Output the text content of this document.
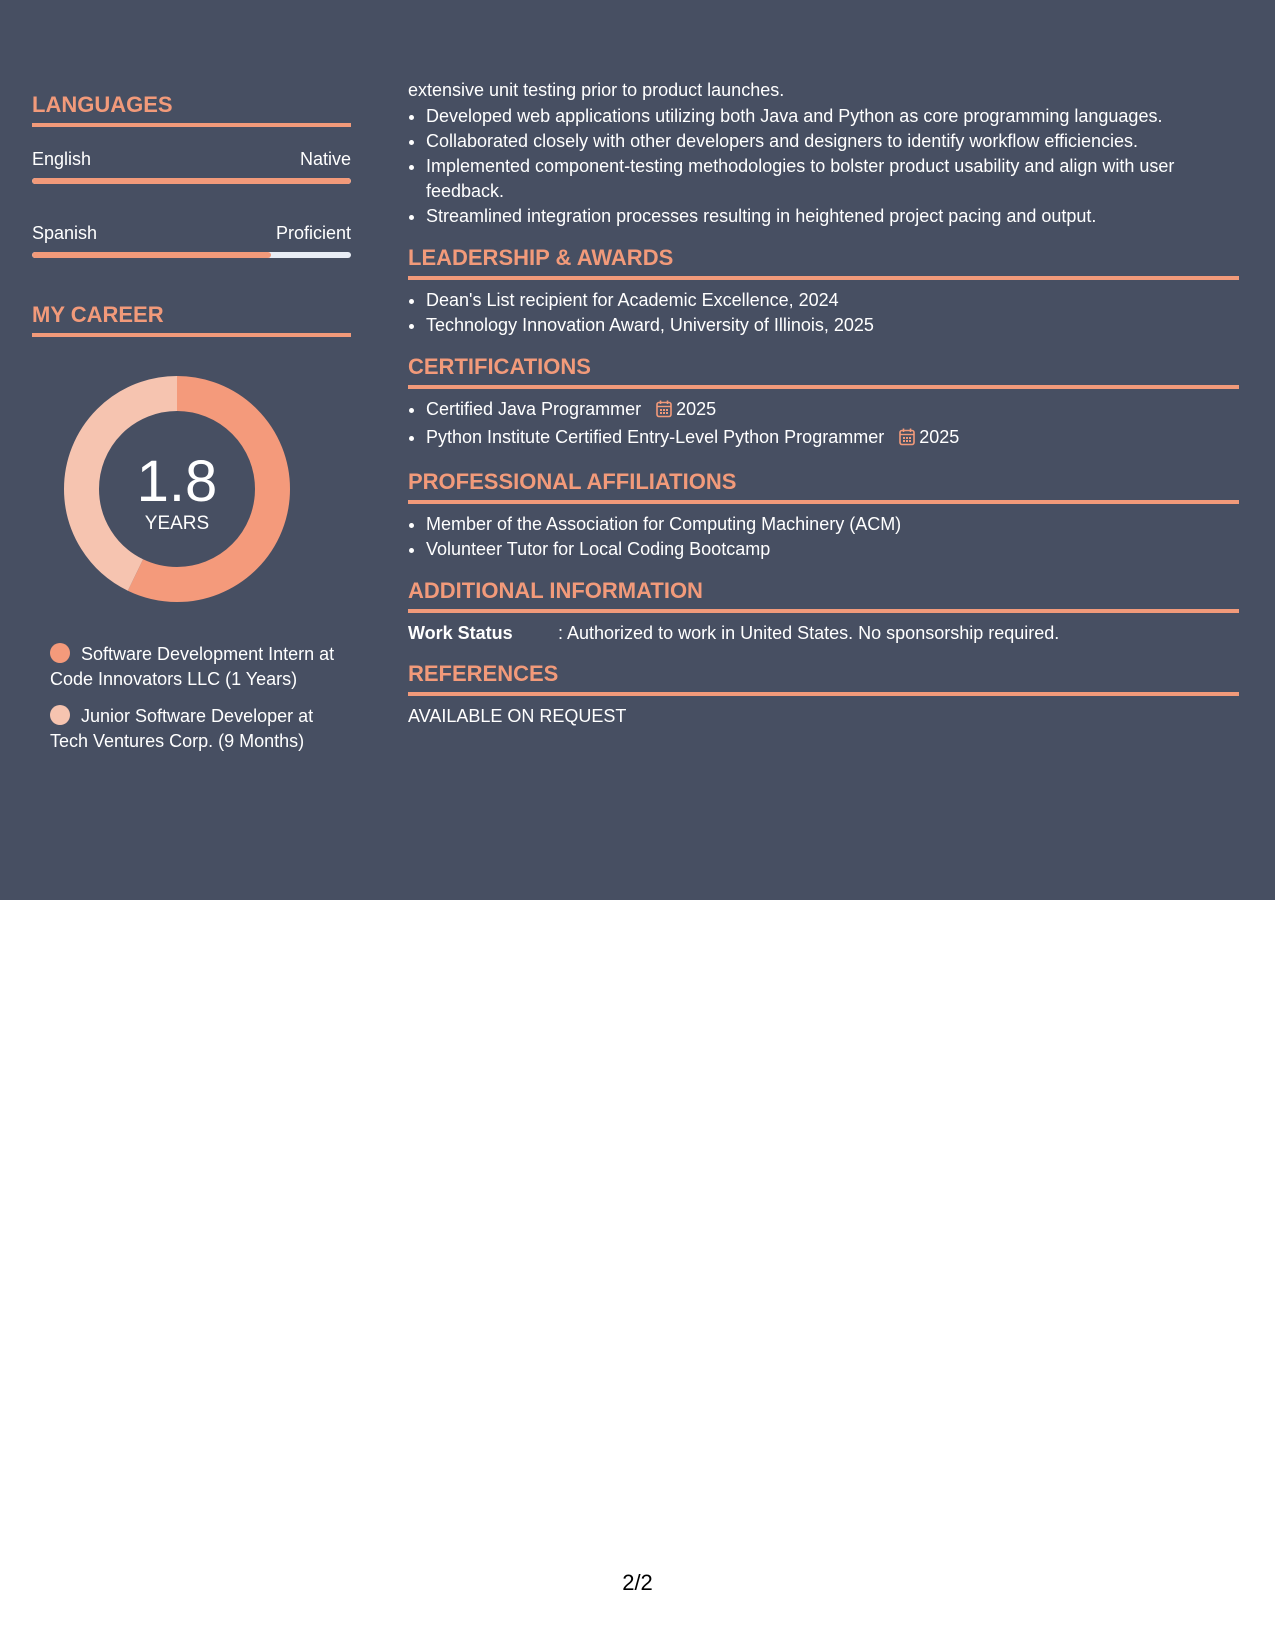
LANGUAGES
English	Native
Spanish	Proficient
MY CAREER
1.8
YEARS
Software Development Intern at Code Innovators LLC (1 Years)
Junior Software Developer at Tech Ventures Corp. (9 Months)

extensive unit testing prior to product launches.

• Developed web applications utilizing both Java and Python as core programming languages.
• Collaborated closely with other developers and designers to identify workflow efficiencies.
• Implemented component-testing methodologies to bolster product usability and align with user feedback.
• Streamlined integration processes resulting in heightened project pacing and output.
LEADERSHIP & AWARDS
• Dean's List recipient for Academic Excellence, 2024
• Technology Innovation Award, University of Illinois, 2025
CERTIFICATIONS
• Certified Java Programmer 2025
• Python Institute Certified Entry-Level Python Programmer 2025
PROFESSIONAL AFFILIATIONS
• Member of the Association for Computing Machinery (ACM)
• Volunteer Tutor for Local Coding Bootcamp
ADDITIONAL INFORMATION
Work Status	: Authorized to work in United States. No sponsorship required.
REFERENCES
AVAILABLE ON REQUEST
2/2
